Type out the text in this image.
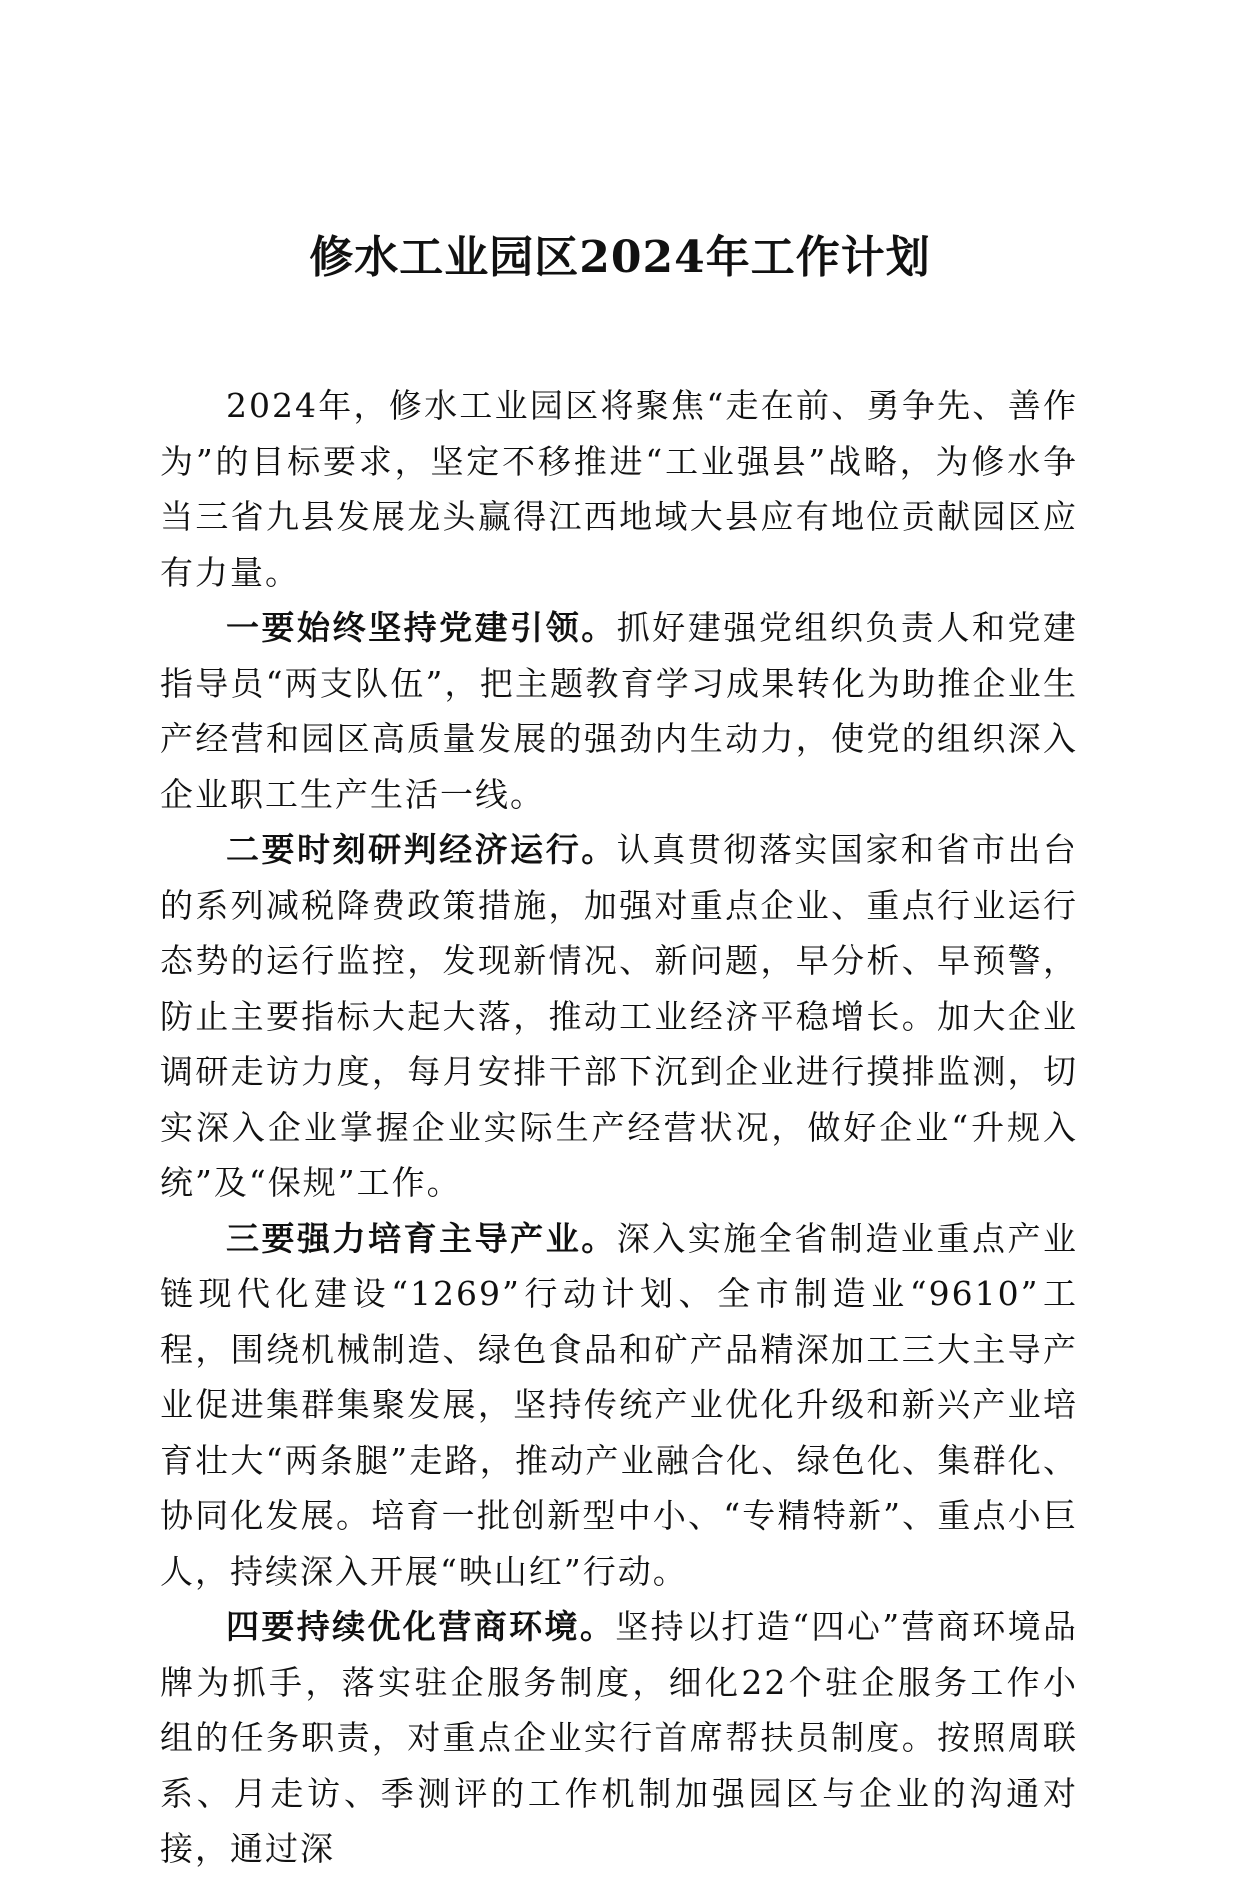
修水工业园区2024年工作计划

2024年，修水工业园区将聚焦“走在前、勇争先、善作为”的目标要求，坚定不移推进“工业强县”战略，为修水争当三省九县发展龙头赢得江西地域大县应有地位贡献园区应有力量。

一要始终坚持党建引领。抓好建强党组织负责人和党建指导员“两支队伍”，把主题教育学习成果转化为助推企业生产经营和园区高质量发展的强劲内生动力，使党的组织深入企业职工生产生活一线。

二要时刻研判经济运行。认真贯彻落实国家和省市出台的系列减税降费政策措施，加强对重点企业、重点行业运行态势的运行监控，发现新情况、新问题，早分析、早预警，防止主要指标大起大落，推动工业经济平稳增长。加大企业调研走访力度，每月安排干部下沉到企业进行摸排监测，切实深入企业掌握企业实际生产经营状况，做好企业“升规入统”及“保规”工作。

三要强力培育主导产业。深入实施全省制造业重点产业链现代化建设“1269”行动计划、全市制造业“9610”工程，围绕机械制造、绿色食品和矿产品精深加工三大主导产业促进集群集聚发展，坚持传统产业优化升级和新兴产业培育壮大“两条腿”走路，推动产业融合化、绿色化、集群化、协同化发展。培育一批创新型中小、“专精特新”、重点小巨人，持续深入开展“映山红”行动。

四要持续优化营商环境。坚持以打造“四心”营商环境品牌为抓手，落实驻企服务制度，细化22个驻企服务工作小组的任务职责，对重点企业实行首席帮扶员制度。按照周联系、月走访、季测评的工作机制加强园区与企业的沟通对接，通过深
